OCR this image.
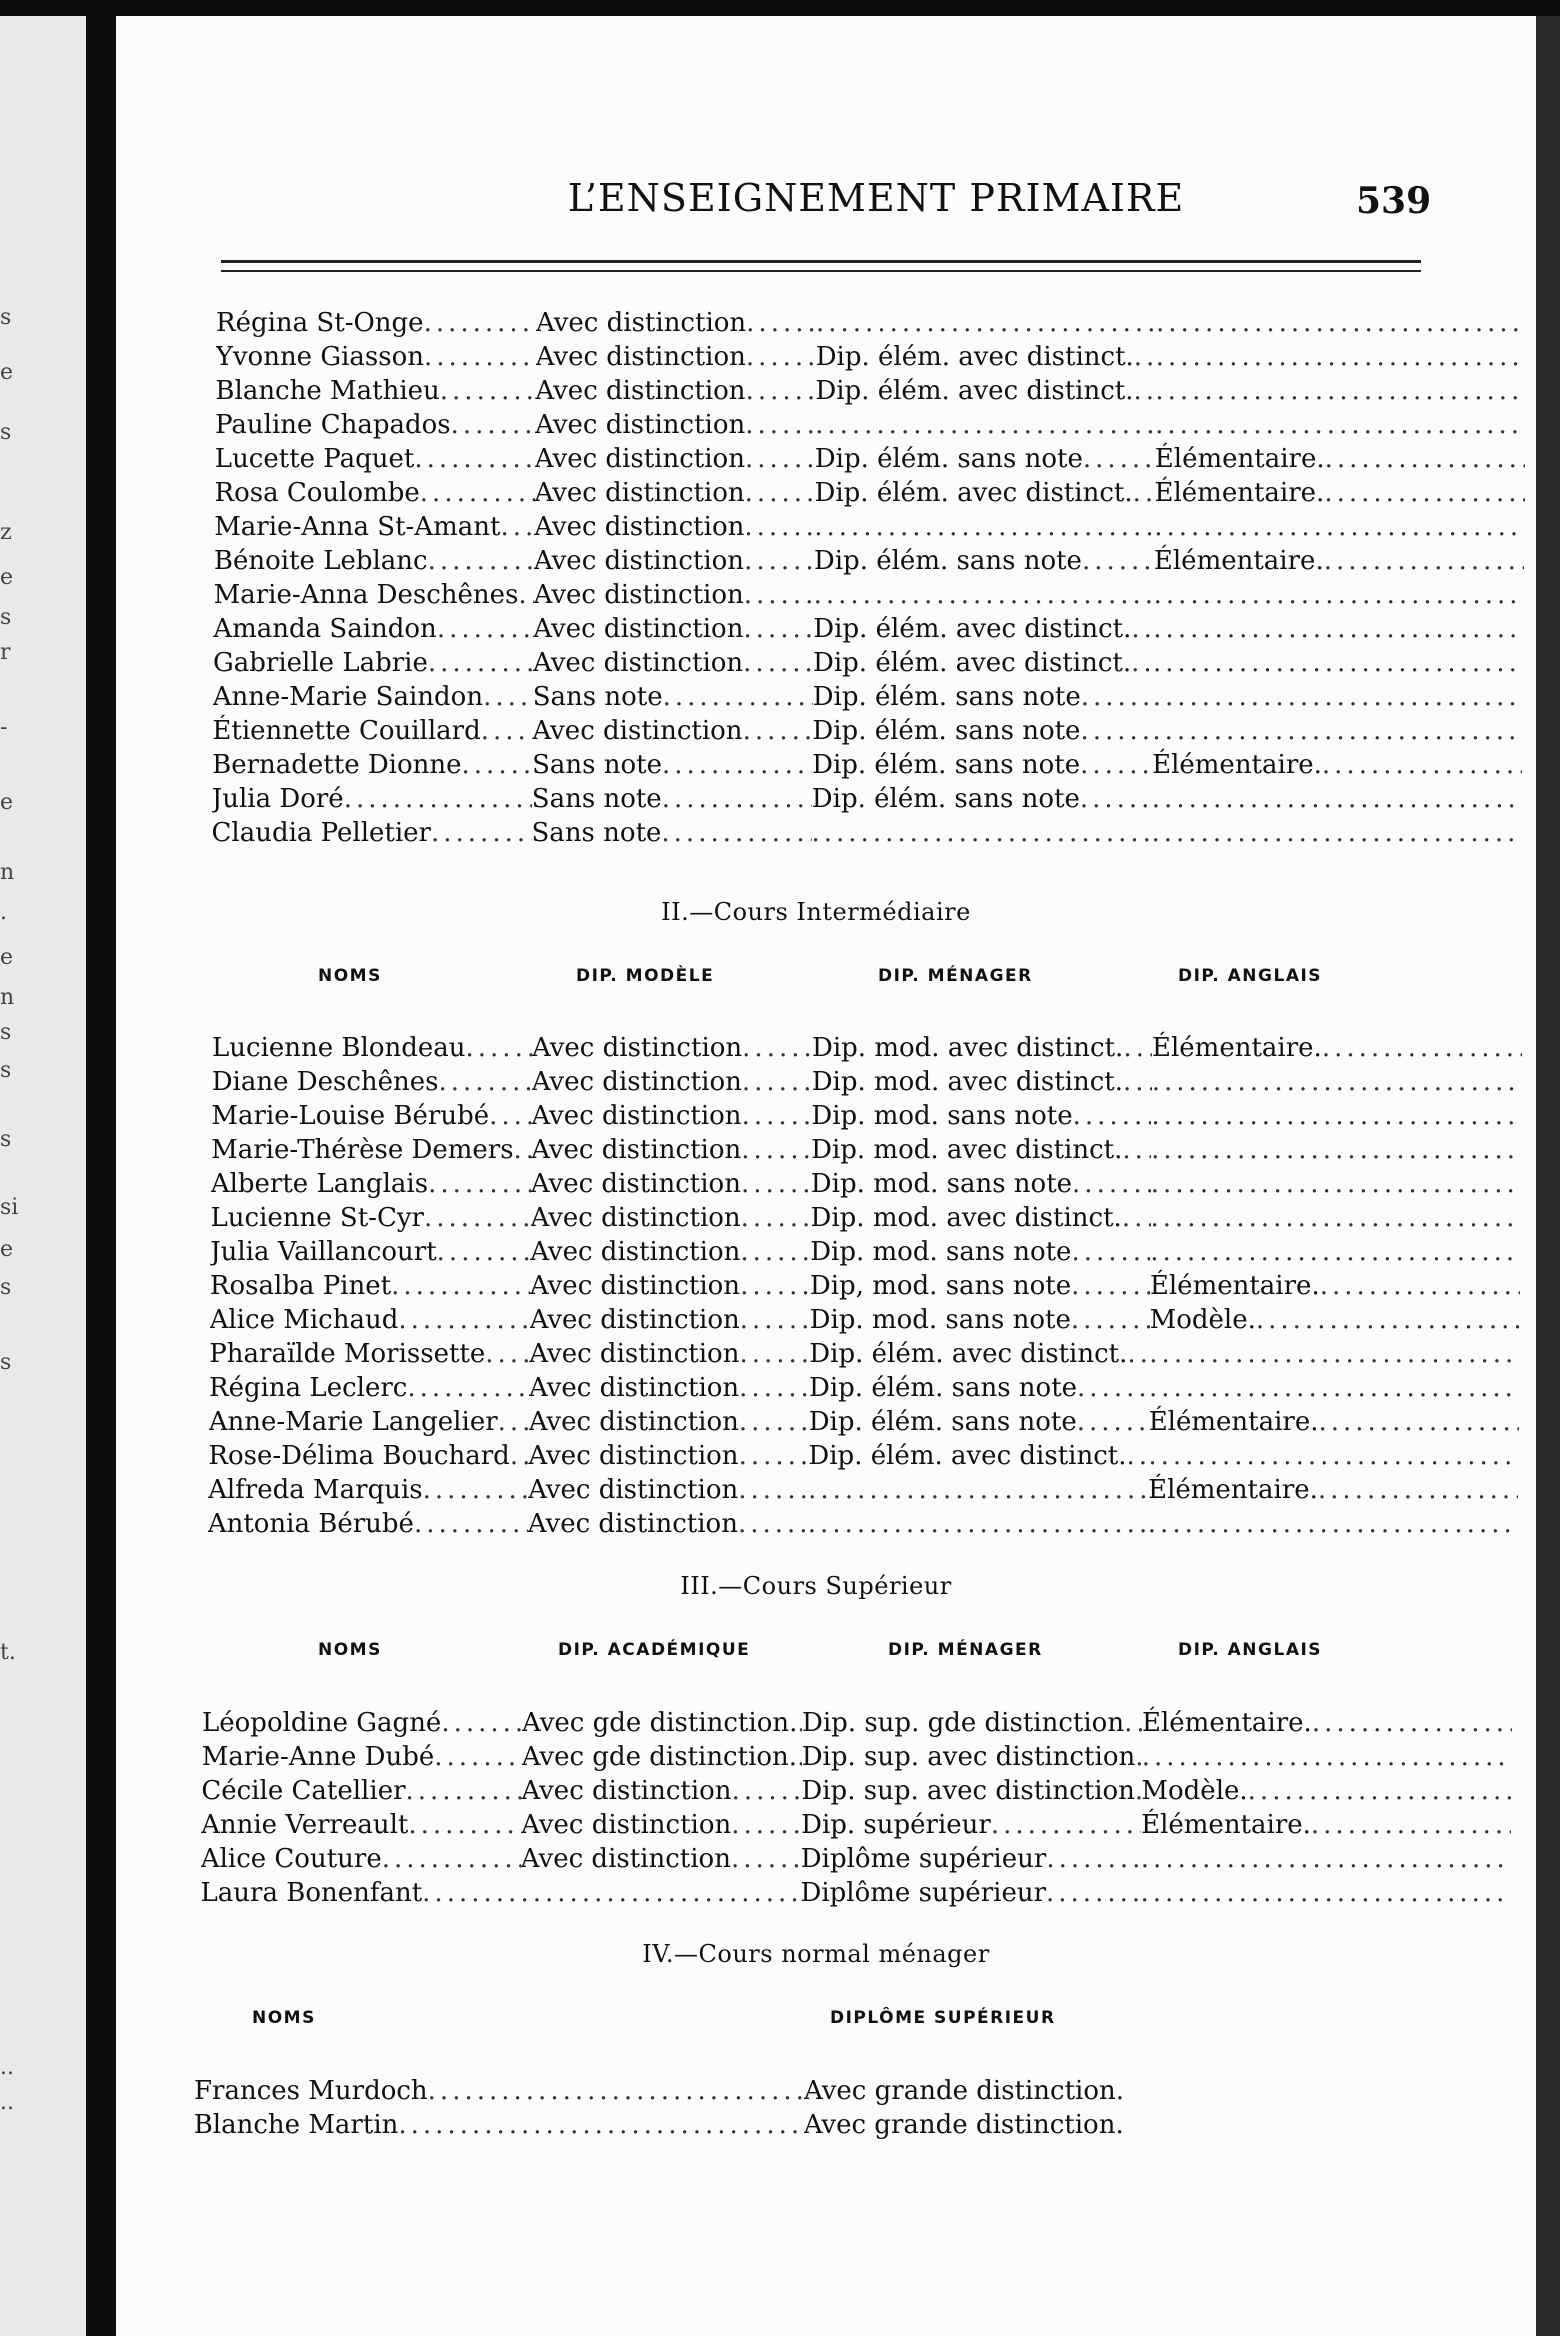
s
e
s
z
e
s
r
-
e
n
.
e
n
s
s
s
si
e
s
s
t.
..
..
L’ENSEIGNEMENT PRIMAIRE	539
Régina St-Onge .....	Avec distinction
.....
.....
.....
Yvonne Giasson .....	Avec distinction .....	Dip. élém. avec distinct.
.....
.....
Blanche Mathieu .....	Avec distinction .....	Dip. élém. avec distinct.
.....
.....
Pauline Chapados .....	Avec distinction
.....
.....
.....
Lucette Paquet .....	Avec distinction .....	Dip. élém. sans note .....	Élémentaire.
.....
Rosa Coulombe .....	Avec distinction .....	Dip. élém. avec distinct. ..... Élémentaire.
.....
Marie-Anna St-Amant ..... Avec distinction
.....
.....
.....
Bénoite Leblanc .....	Avec distinction .....	Dip. élém. sans note .....	Élémentaire.
.....
Marie-Anna Deschênes ..... Avec distinction
.....
.....
.....
Amanda Saindon .....	Avec distinction .....	Dip. élém. avec distinct.
.....
.....
Gabrielle Labrie .....	Avec distinction .....	Dip. élém. avec distinct.
.....
.....
Anne-Marie Saindon ..... Sans note .....	Dip. élém. sans note
.....
.....
Étiennette Couillard ..... Avec distinction .....	Dip. élém. sans note
.....
.....
Bernadette Dionne .....	Sans note .....	Dip. élém. sans note .....	Élémentaire.
.....
Julia Doré .....	Sans note .....	Dip. élém. sans note
.....
.....
Claudia Pelletier .....	Sans note
.....
.....
.....
II.—Cours Intermédiaire
NOMS	DIP. MODÈLE	DIP. MÉNAGER	DIP. ANGLAIS
Lucienne Blondeau .....	Avec distinction .....	Dip. mod. avec distinct. ..... Élémentaire.
.....
Diane Deschênes .....	Avec distinction .....	Dip. mod. avec distinct.
.....
.....
Marie-Louise Bérubé ..... Avec distinction .....	Dip. mod. sans note
.....
.....
Marie-Thérèse Demers ..... Avec distinction .....	Dip. mod. avec distinct.
.....
.....
Alberte Langlais .....	Avec distinction .....	Dip. mod. sans note
.....
.....
Lucienne St-Cyr .....	Avec distinction .....	Dip. mod. avec distinct.
.....
.....
Julia Vaillancourt .....	Avec distinction .....	Dip. mod. sans note
.....
.....
Rosalba Pinet .....	Avec distinction .....	Dip, mod. sans note .....	Élémentaire.
.....
Alice Michaud .....	Avec distinction .....	Dip. mod. sans note .....	Modèle.
.....
Pharaïlde Morissette ..... Avec distinction .....	Dip. élém. avec distinct.
.....
.....
Régina Leclerc .....	Avec distinction .....	Dip. élém. sans note
.....
.....
Anne-Marie Langelier ..... Avec distinction .....	Dip. élém. sans note .....	Élémentaire.
.....
Rose-Délima Bouchard ..... Avec distinction .....	Dip. élém. avec distinct.
.....
.....
Alfreda Marquis .....	Avec distinction ..... .....	Élémentaire.
.....
Antonia Bérubé .....	Avec distinction
.....
.....
.....
III.—Cours Supérieur
NOMS	DIP. ACADÉMIQUE	DIP. MÉNAGER	DIP. ANGLAIS
Léopoldine Gagné .....	Avec gde distinction. ..... Dip. sup. gde distinction ..... Élémentaire.
.....
Marie-Anne Dubé .....	Avec gde distinction. ..... Dip. sup. avec distinction
.....
.....
Cécile Catellier .....	Avec distinction .....	Dip. sup. avec distinction ..... Modèle.
.....
Annie Verreault .....	Avec distinction .....	Dip. supérieur .....	Élémentaire.
.....
Alice Couture .....	Avec distinction .....	Diplôme supérieur
.....
.....
Laura Bonenfant ..... .....	Diplôme supérieur
.....
.....
IV.—Cours normal ménager
NOMS	DIPLÔME SUPÉRIEUR
Frances Murdoch .....	Avec grande distinction.
Blanche Martin .....	Avec grande distinction.
